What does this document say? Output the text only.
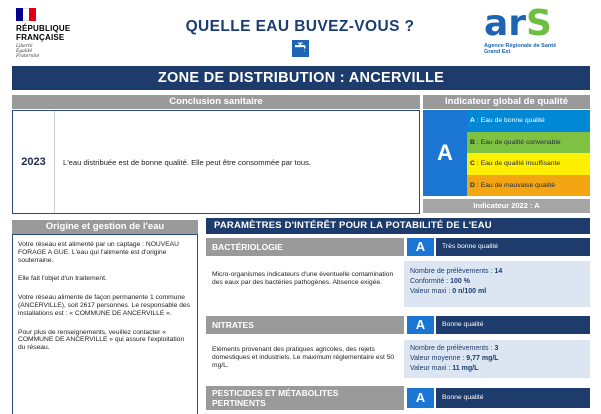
RÉPUBLIQUE
FRANÇAISE
Liberté
Égalité
Fraternité
QUELLE EAU BUVEZ-VOUS ?	arS
Agence Régionale de Santé
Grand Est
ZONE DE DISTRIBUTION : ANCERVILLE
Conclusion sanitaire	Indicateur global de qualité
2023	L'eau distribuée est de bonne qualité. Elle peut être consommée par tous.	A
A : Eau de bonne qualité
B : Eau de qualité convenable
C : Eau de qualité insuffisante
D : Eau de mauvaise qualité
Indicateur 2022 : A
Origine et gestion de l'eau

Votre réseau est alimenté par un captage : NOUVEAU FORAGE A GUE. L'eau qui l'alimente est d'origine souterraine.

Elle fait l'objet d'un traitement.

Votre réseau alimente de façon permanente 1 commune (ANCERVILLE), soit 2617 personnes. Le responsable des installations est : « COMMUNE DE ANCERVILLE ».

Pour plus de renseignements, veuillez contacter « COMMUNE DE ANCERVILLE » qui assure l'exploitation du réseau.

PARAMÈTRES D'INTÉRÊT POUR LA POTABILITÉ DE L'EAU
BACTÉRIOLOGIE	A	Très bonne qualité
Micro-organismes indicateurs d'une éventuelle contamination des eaux par des bactéries pathogènes. Absence exigée.
Nombre de prélèvements : 14
Conformité : 100 %
Valeur maxi : 0 n/100 ml
NITRATES	A	Bonne qualité
Eléments provenant des pratiques agricoles, des rejets domestiques et industriels. Le maximum réglementaire est 50 mg/L.
Nombre de prélèvements : 3
Valeur moyenne : 9,77 mg/L
Valeur maxi : 11 mg/L
PESTICIDES ET MÉTABOLITES
PERTINENTS	A	Bonne qualité
